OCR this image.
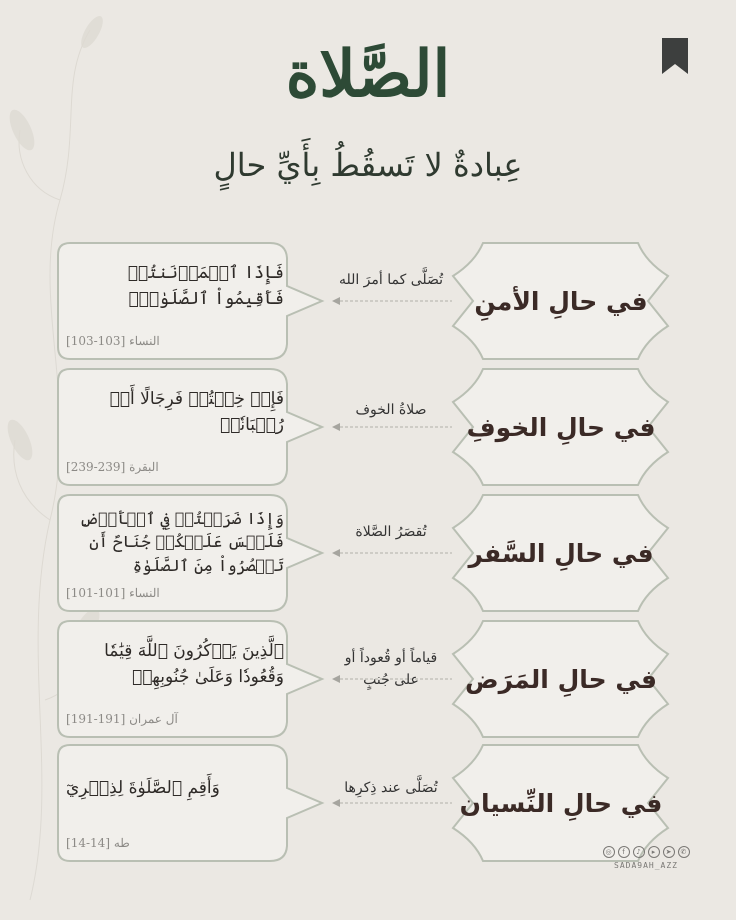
الصَّلاة
عِبادةٌ لا تَسقُطُ بِأَيِّ حالٍ
في حالِ الأمنِ
تُصَلَّى كما أمرَ الله
فَإِذَا ٱطۡمَأۡنَنتُمۡ فَأَقِيمُواْ ٱلصَّلَوٰةَۚ
النساء [103-103]
في حالِ الخوفِ
صلاةُ الخوف
فَإِنۡ خِفۡتُمۡ فَرِجَالًا أَوۡ رُكۡبَانٗاۖ
البقرة [239-239]
في حالِ السَّفر
تُقصَرُ الصَّلاة
وَإِذَا ضَرَبۡتُمۡ فِي ٱلۡأَرۡضِ فَلَيۡسَ عَلَيۡكُمۡ جُنَاحٌ أَن تَقۡصُرُواْ مِنَ ٱلصَّلَوٰةِ
النساء [101-101]
في حالِ المَرَض
قياماً أو قُعوداً أو على جُنبٍ
ٱلَّذِينَ يَذۡكُرُونَ ٱللَّهَ قِيَٰمٗا وَقُعُودٗا وَعَلَىٰ جُنُوبِهِمۡ
آل عمران [191-191]
في حالِ النِّسيان
تُصَلَّى عند ذِكرِها
وَأَقِمِ ٱلصَّلَوٰةَ لِذِكۡرِيٓ
طه [14-14]
◎	f	♪	▸	➤	✆
SADA9AH_AZZ
